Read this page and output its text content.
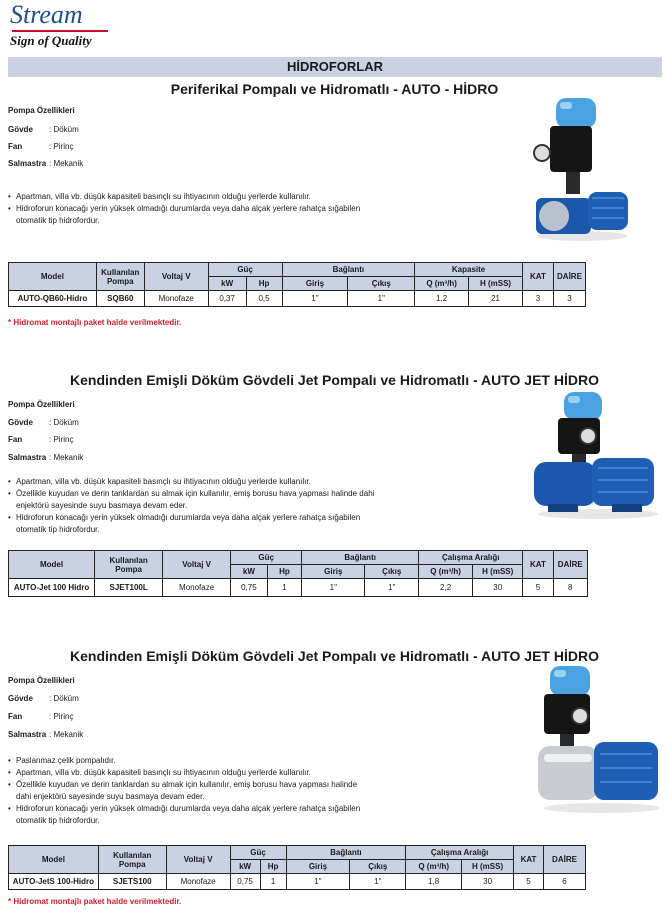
Stream
Sign of Quality
HİDROFORLAR
Periferikal Pompalı ve Hidromatlı - AUTO - HİDRO
Pompa Özellikleri
Gövde : Döküm
Fan	: Pirinç
Salmastra : Mekanik
• Apartman, villa vb. düşük kapasiteli basınçlı su ihtiyacının olduğu yerlerde kullanılır.
• Hidroforun konacağı yerin yüksek olmadığı durumlarda veya daha alçak yerlere rahatça sığabilen otomatik tip hidrofordur.
Model	Kullanılan Pompa	Voltaj V	Güç		Bağlantı		Kapasite		KAT	DAİRE
			kW	Hp	Giriş	Çıkış	Q (m³/h)	H (mSS)		
AUTO-QB60-Hidro	SQB60	Monofaze	0,37	0,5	1"	1"	1,2	21	3	3
* Hidromat montajlı paket halde verilmektedir.
Kendinden Emişli Döküm Gövdeli Jet Pompalı ve Hidromatlı - AUTO JET HİDRO
Pompa Özellikleri
Gövde : Döküm
Fan	: Pirinç
Salmastra : Mekanik
• Apartman, villa vb. düşük kapasiteli basınçlı su ihtiyacının olduğu yerlerde kullanılır.
• Özellikle kuyudan ve derin tanklardan su almak için kullanılır, emiş borusu hava yapması halinde dahi enjektörü sayesinde suyu basmaya devam eder.
• Hidroforun konacağı yerin yüksek olmadığı durumlarda veya daha alçak yerlere rahatça sığabilen otomatik tip hidrofordur.
Model	Kullanılan Pompa	Voltaj V	Güç		Bağlantı		Çalışma Aralığı		KAT	DAİRE
			kW	Hp	Giriş	Çıkış	Q (m³/h)	H (mSS)		
AUTO-Jet 100 Hidro	SJET100L	Monofaze	0,75	1	1"	1"	2,2	30	5	8
Kendinden Emişli Döküm Gövdeli Jet Pompalı ve Hidromatlı - AUTO JET HİDRO
Pompa Özellikleri
Gövde : Döküm
Fan	: Pirinç
Salmastra : Mekanik
• Paslanmaz çelik pompalıdır.
• Apartman, villa vb. düşük kapasiteli basınçlı su ihtiyacının olduğu yerlerde kullanılır.
• Özellikle kuyudan ve derin tanklardan su almak için kullanılır, emiş borusu hava yapması halinde dahi enjektörü sayesinde suyu basmaya devam eder.
• Hidroforun konacağı yerin yüksek olmadığı durumlarda veya daha alçak yerlere rahatça sığabilen otomatik tip hidrofordur.
Model	Kullanılan Pompa	Voltaj V	Güç		Bağlantı		Çalışma Aralığı		KAT	DAİRE
			kW	Hp	Giriş	Çıkış	Q (m³/h)	H (mSS)		
AUTO-JetS 100-Hidro	SJETS100	Monofaze	0,75	1	1"	1"	1,8	30	5	6
* Hidromat montajlı paket halde verilmektedir.
